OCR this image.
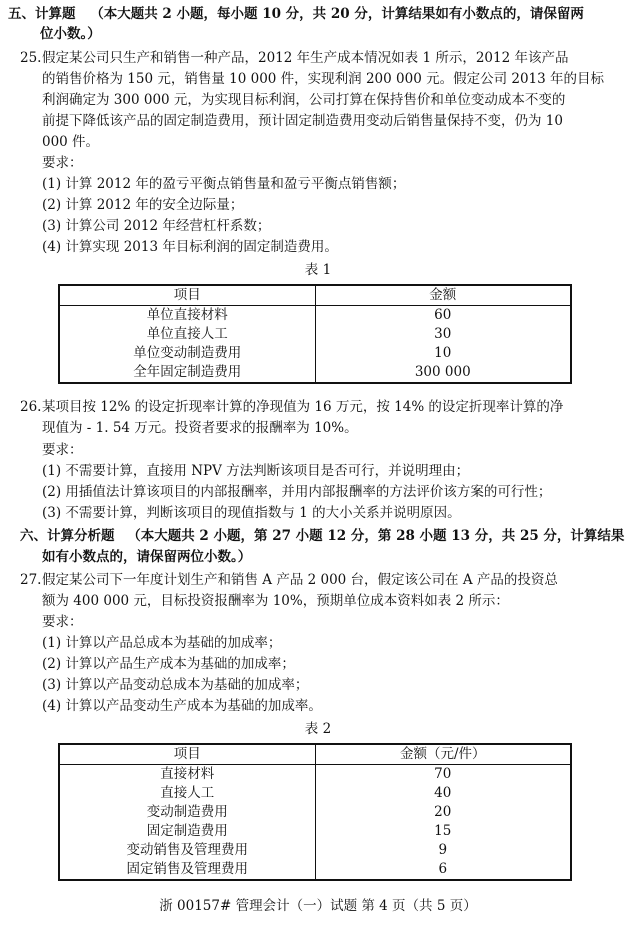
五、计算题 （本大题共 2 小题，每小题 10 分，共 20 分，计算结果如有小数点的，请保留两
位小数。）
25. 假定某公司只生产和销售一种产品，2012 年生产成本情况如表 1 所示，2012 年该产品
的销售价格为 150 元，销售量 10 000 件，实现利润 200 000 元。假定公司 2013 年的目标
利润确定为 300 000 元，为实现目标利润，公司打算在保持售价和单位变动成本不变的
前提下降低该产品的固定制造费用，预计固定制造费用变动后销售量保持不变，仍为 10
000 件。
要求：
(1) 计算 2012 年的盈亏平衡点销售量和盈亏平衡点销售额；
(2) 计算 2012 年的安全边际量；
(3) 计算公司 2012 年经营杠杆系数；
(4) 计算实现 2013 年目标利润的固定制造费用。
表 1
项目	金额
单位直接材料	60
单位直接人工	30
单位变动制造费用	10
全年固定制造费用	300 000
26. 某项目按 12% 的设定折现率计算的净现值为 16 万元，按 14% 的设定折现率计算的净
现值为 - 1. 54 万元。投资者要求的报酬率为 10%。
要求：
(1) 不需要计算，直接用 NPV 方法判断该项目是否可行，并说明理由；
(2) 用插值法计算该项目的内部报酬率，并用内部报酬率的方法评价该方案的可行性；
(3) 不需要计算，判断该项目的现值指数与 1 的大小关系并说明原因。
六、计算分析题 （本大题共 2 小题，第 27 小题 12 分，第 28 小题 13 分，共 25 分，计算结果
如有小数点的，请保留两位小数。）
27. 假定某公司下一年度计划生产和销售 A 产品 2 000 台，假定该公司在 A 产品的投资总
额为 400 000 元，目标投资报酬率为 10%，预期单位成本资料如表 2 所示：
要求：
(1) 计算以产品总成本为基础的加成率；
(2) 计算以产品生产成本为基础的加成率；
(3) 计算以产品变动总成本为基础的加成率；
(4) 计算以产品变动生产成本为基础的加成率。
表 2
项目	金额（元/件）
直接材料	70
直接人工	40
变动制造费用	20
固定制造费用	15
变动销售及管理费用	9
固定销售及管理费用	6
浙 00157# 管理会计（一）试题 第 4 页（共 5 页）
